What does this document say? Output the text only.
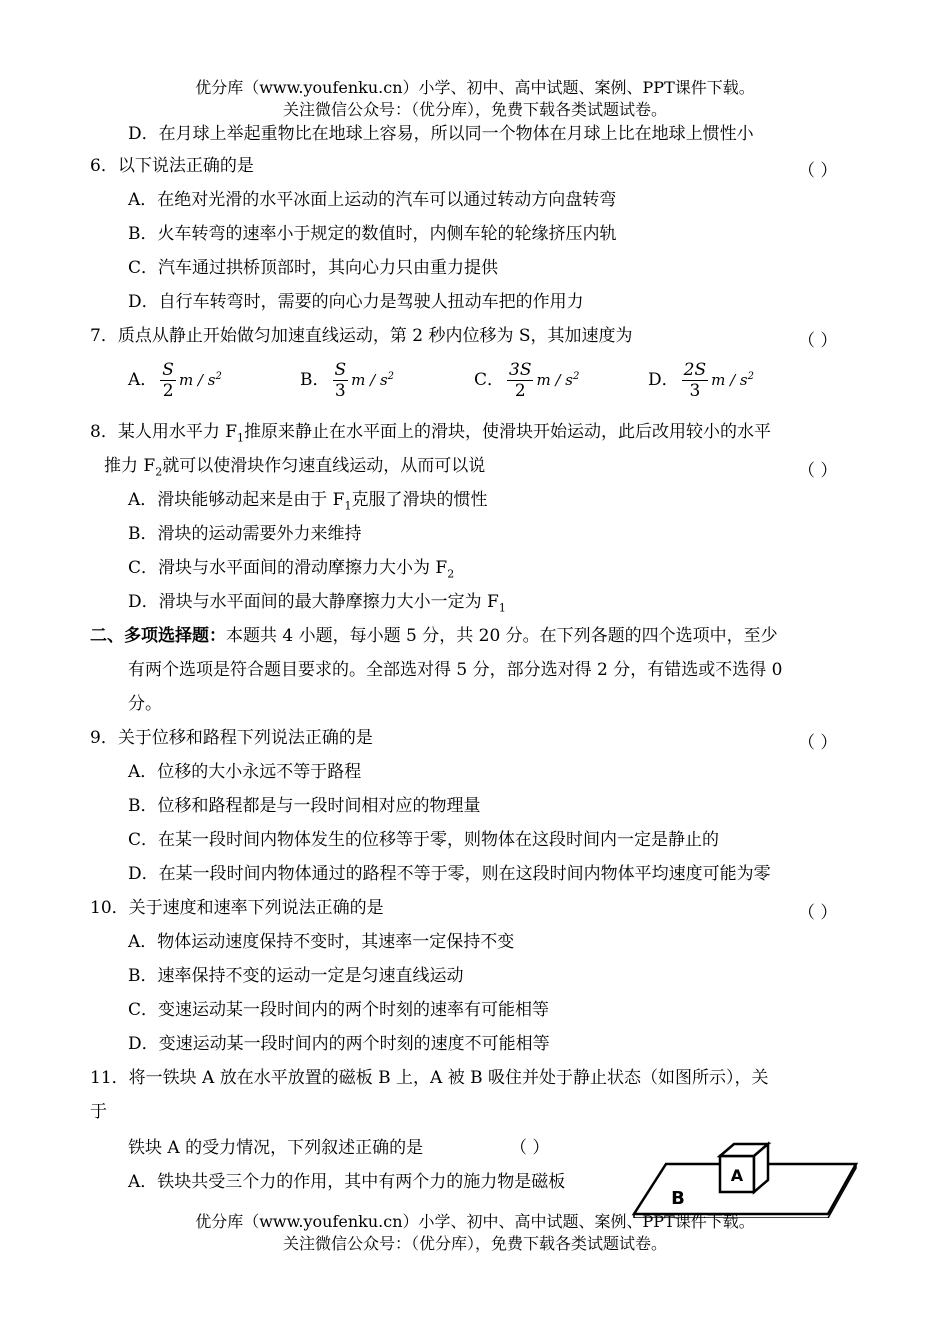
优分库（www.youfenku.cn）小学、初中、高中试题、案例、PPT课件下载。
关注微信公众号：（优分库），免费下载各类试题试卷。
D．在月球上举起重物比在地球上容易，所以同一个物体在月球上比在地球上惯性小
6．以下说法正确的是	（ ）
A．在绝对光滑的水平冰面上运动的汽车可以通过转动方向盘转弯
B．火车转弯的速率小于规定的数值时，内侧车轮的轮缘挤压内轨
C．汽车通过拱桥顶部时，其向心力只由重力提供
D．自行车转弯时，需要的向心力是驾驶人扭动车把的作用力
7．质点从静止开始做匀加速直线运动，第 2 秒内位移为 S，其加速度为	（ ）
A． $\frac{S}{2}$ m / $s^2$	B． $\frac{S}{3}$ m / $s^2$	C． $\frac{3S}{2}$ m / $s^2$	D． $\frac{2S}{3}$ m / $s^2$
8．某人用水平力 $F_1$推原来静止在水平面上的滑块，使滑块开始运动，此后改用较小的水平
推力 $F_2$就可以使滑块作匀速直线运动，从而可以说	（ ）
A．滑块能够动起来是由于 $F_1$克服了滑块的惯性
B．滑块的运动需要外力来维持
C．滑块与水平面间的滑动摩擦力大小为 $F_2$
D．滑块与水平面间的最大静摩擦力大小一定为 $F_1$
二、多项选择题：本题共 4 小题，每小题 5 分，共 20 分。在下列各题的四个选项中，至少
有两个选项是符合题目要求的。全部选对得 5 分，部分选对得 2 分，有错选或不选得 0
分。
9．关于位移和路程下列说法正确的是	（ ）
A．位移的大小永远不等于路程
B．位移和路程都是与一段时间相对应的物理量
C．在某一段时间内物体发生的位移等于零，则物体在这段时间内一定是静止的
D．在某一段时间内物体通过的路程不等于零，则在这段时间内物体平均速度可能为零
10．关于速度和速率下列说法正确的是	（ ）
A．物体运动速度保持不变时，其速率一定保持不变
B．速率保持不变的运动一定是匀速直线运动
C．变速运动某一段时间内的两个时刻的速率有可能相等
D．变速运动某一段时间内的两个时刻的速度不可能相等
11．将一铁块 A 放在水平放置的磁板 B 上，A 被 B 吸住并处于静止状态（如图所示），关
于
铁块 A 的受力情况，下列叙述正确的是	（ ）
A．铁块共受三个力的作用，其中有两个力的施力物是磁板	A
B
优分库（www.youfenku.cn）小学、初中、高中试题、案例、PPT课件下载。
关注微信公众号：（优分库），免费下载各类试题试卷。
